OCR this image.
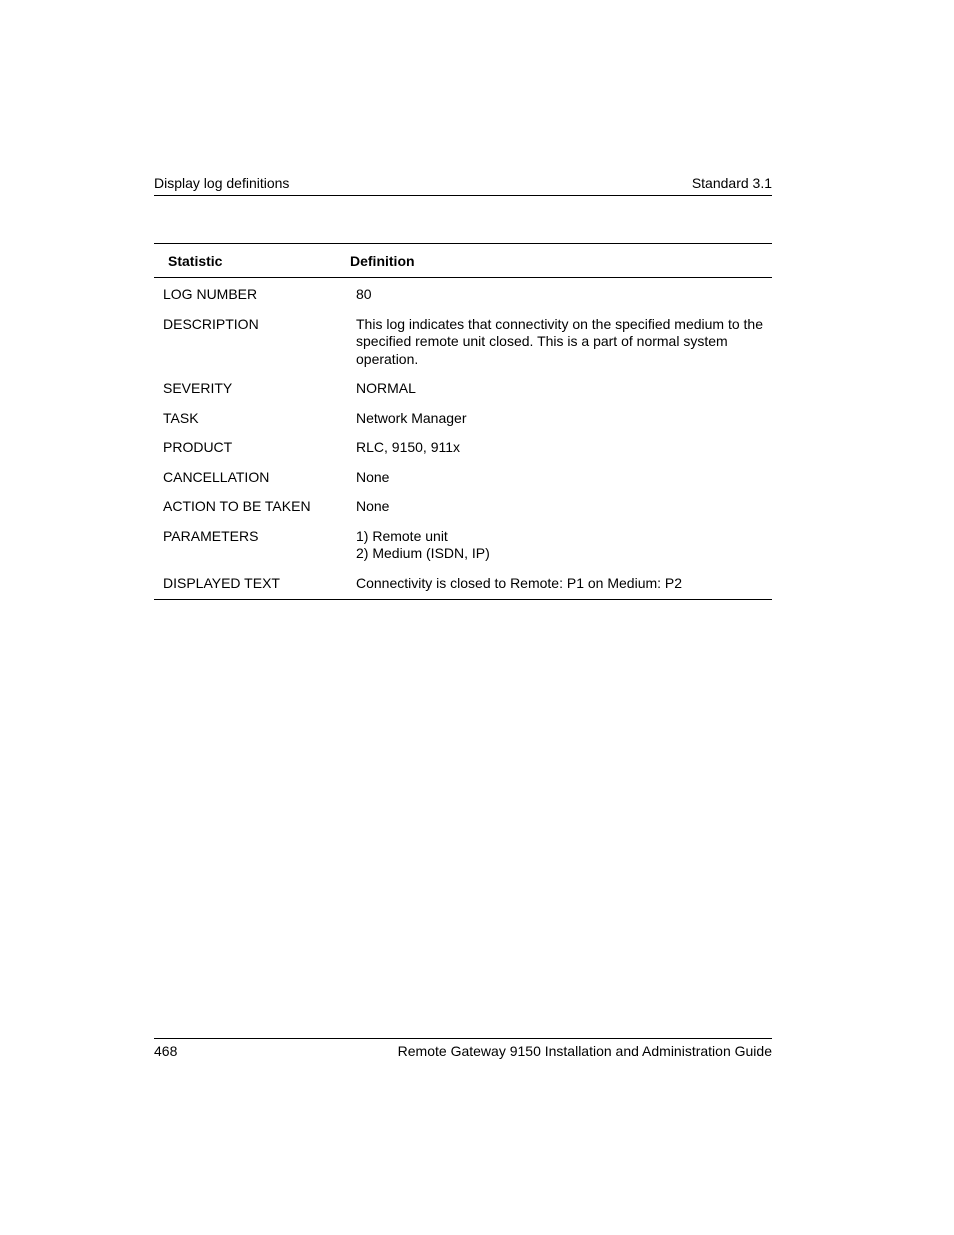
Display log definitions	Standard 3.1
Statistic	Definition
LOG NUMBER	80
DESCRIPTION	This log indicates that connectivity on the specified medium to the
specified remote unit closed. This is a part of normal system
operation.
SEVERITY	NORMAL
TASK	Network Manager
PRODUCT	RLC, 9150, 911x
CANCELLATION	None
ACTION TO BE TAKEN	None
PARAMETERS	1) Remote unit
2) Medium (ISDN, IP)
DISPLAYED TEXT	Connectivity is closed to Remote: P1 on Medium: P2
468	Remote Gateway 9150 Installation and Administration Guide
